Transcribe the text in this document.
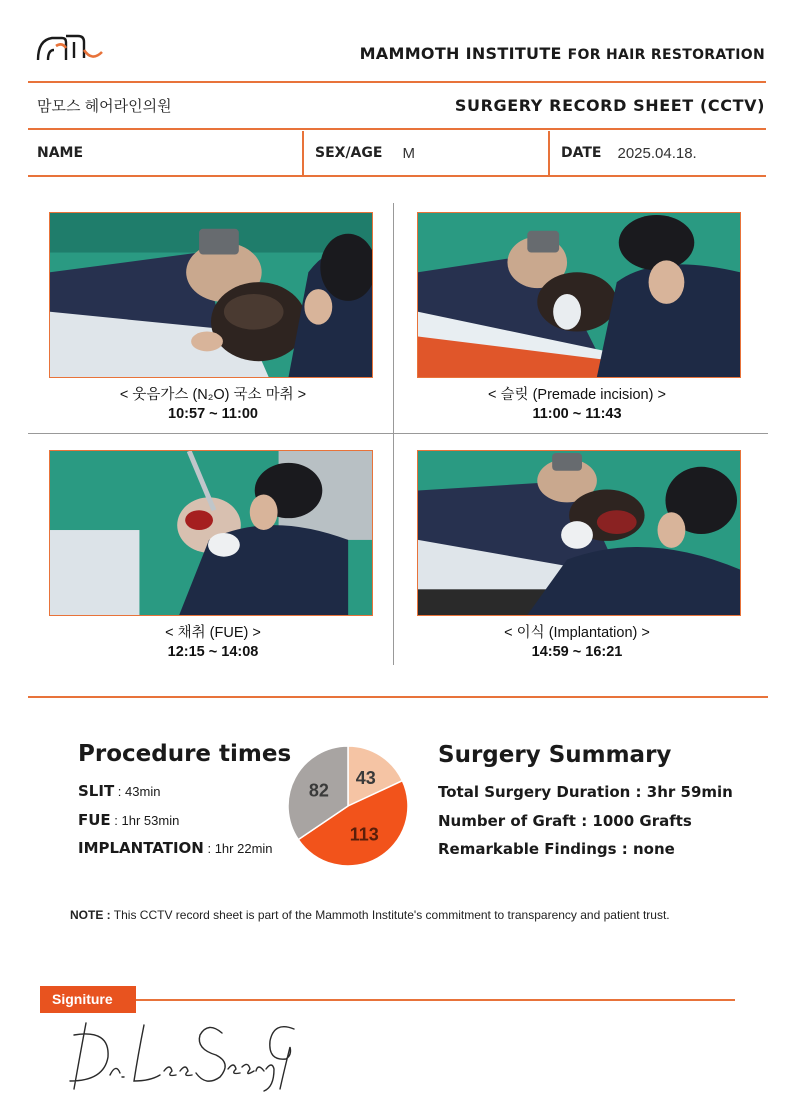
MAMMOTH INSTITUTE FOR HAIR RESTORATION
맘모스 헤어라인의원	SURGERY RECORD SHEET (CCTV)
NAME	SEX/AGE M	DATE 2025.04.18.
< 웃음가스 (N₂O) 국소 마취 >
10:57 ~ 11:00
< 슬릿 (Premade incision) >
11:00 ~ 11:43
< 채취 (FUE) >
12:15 ~ 14:08
< 이식 (Implantation) >
14:59 ~ 16:21
Procedure times
SLIT : 43min
FUE : 1hr 53min
IMPLANTATION : 1hr 22min
43
113
82
Surgery Summary
Total Surgery Duration : 3hr 59min
Number of Graft : 1000 Grafts
Remarkable Findings : none
NOTE : This CCTV record sheet is part of the Mammoth Institute's commitment to transparency and patient trust.
Signiture
